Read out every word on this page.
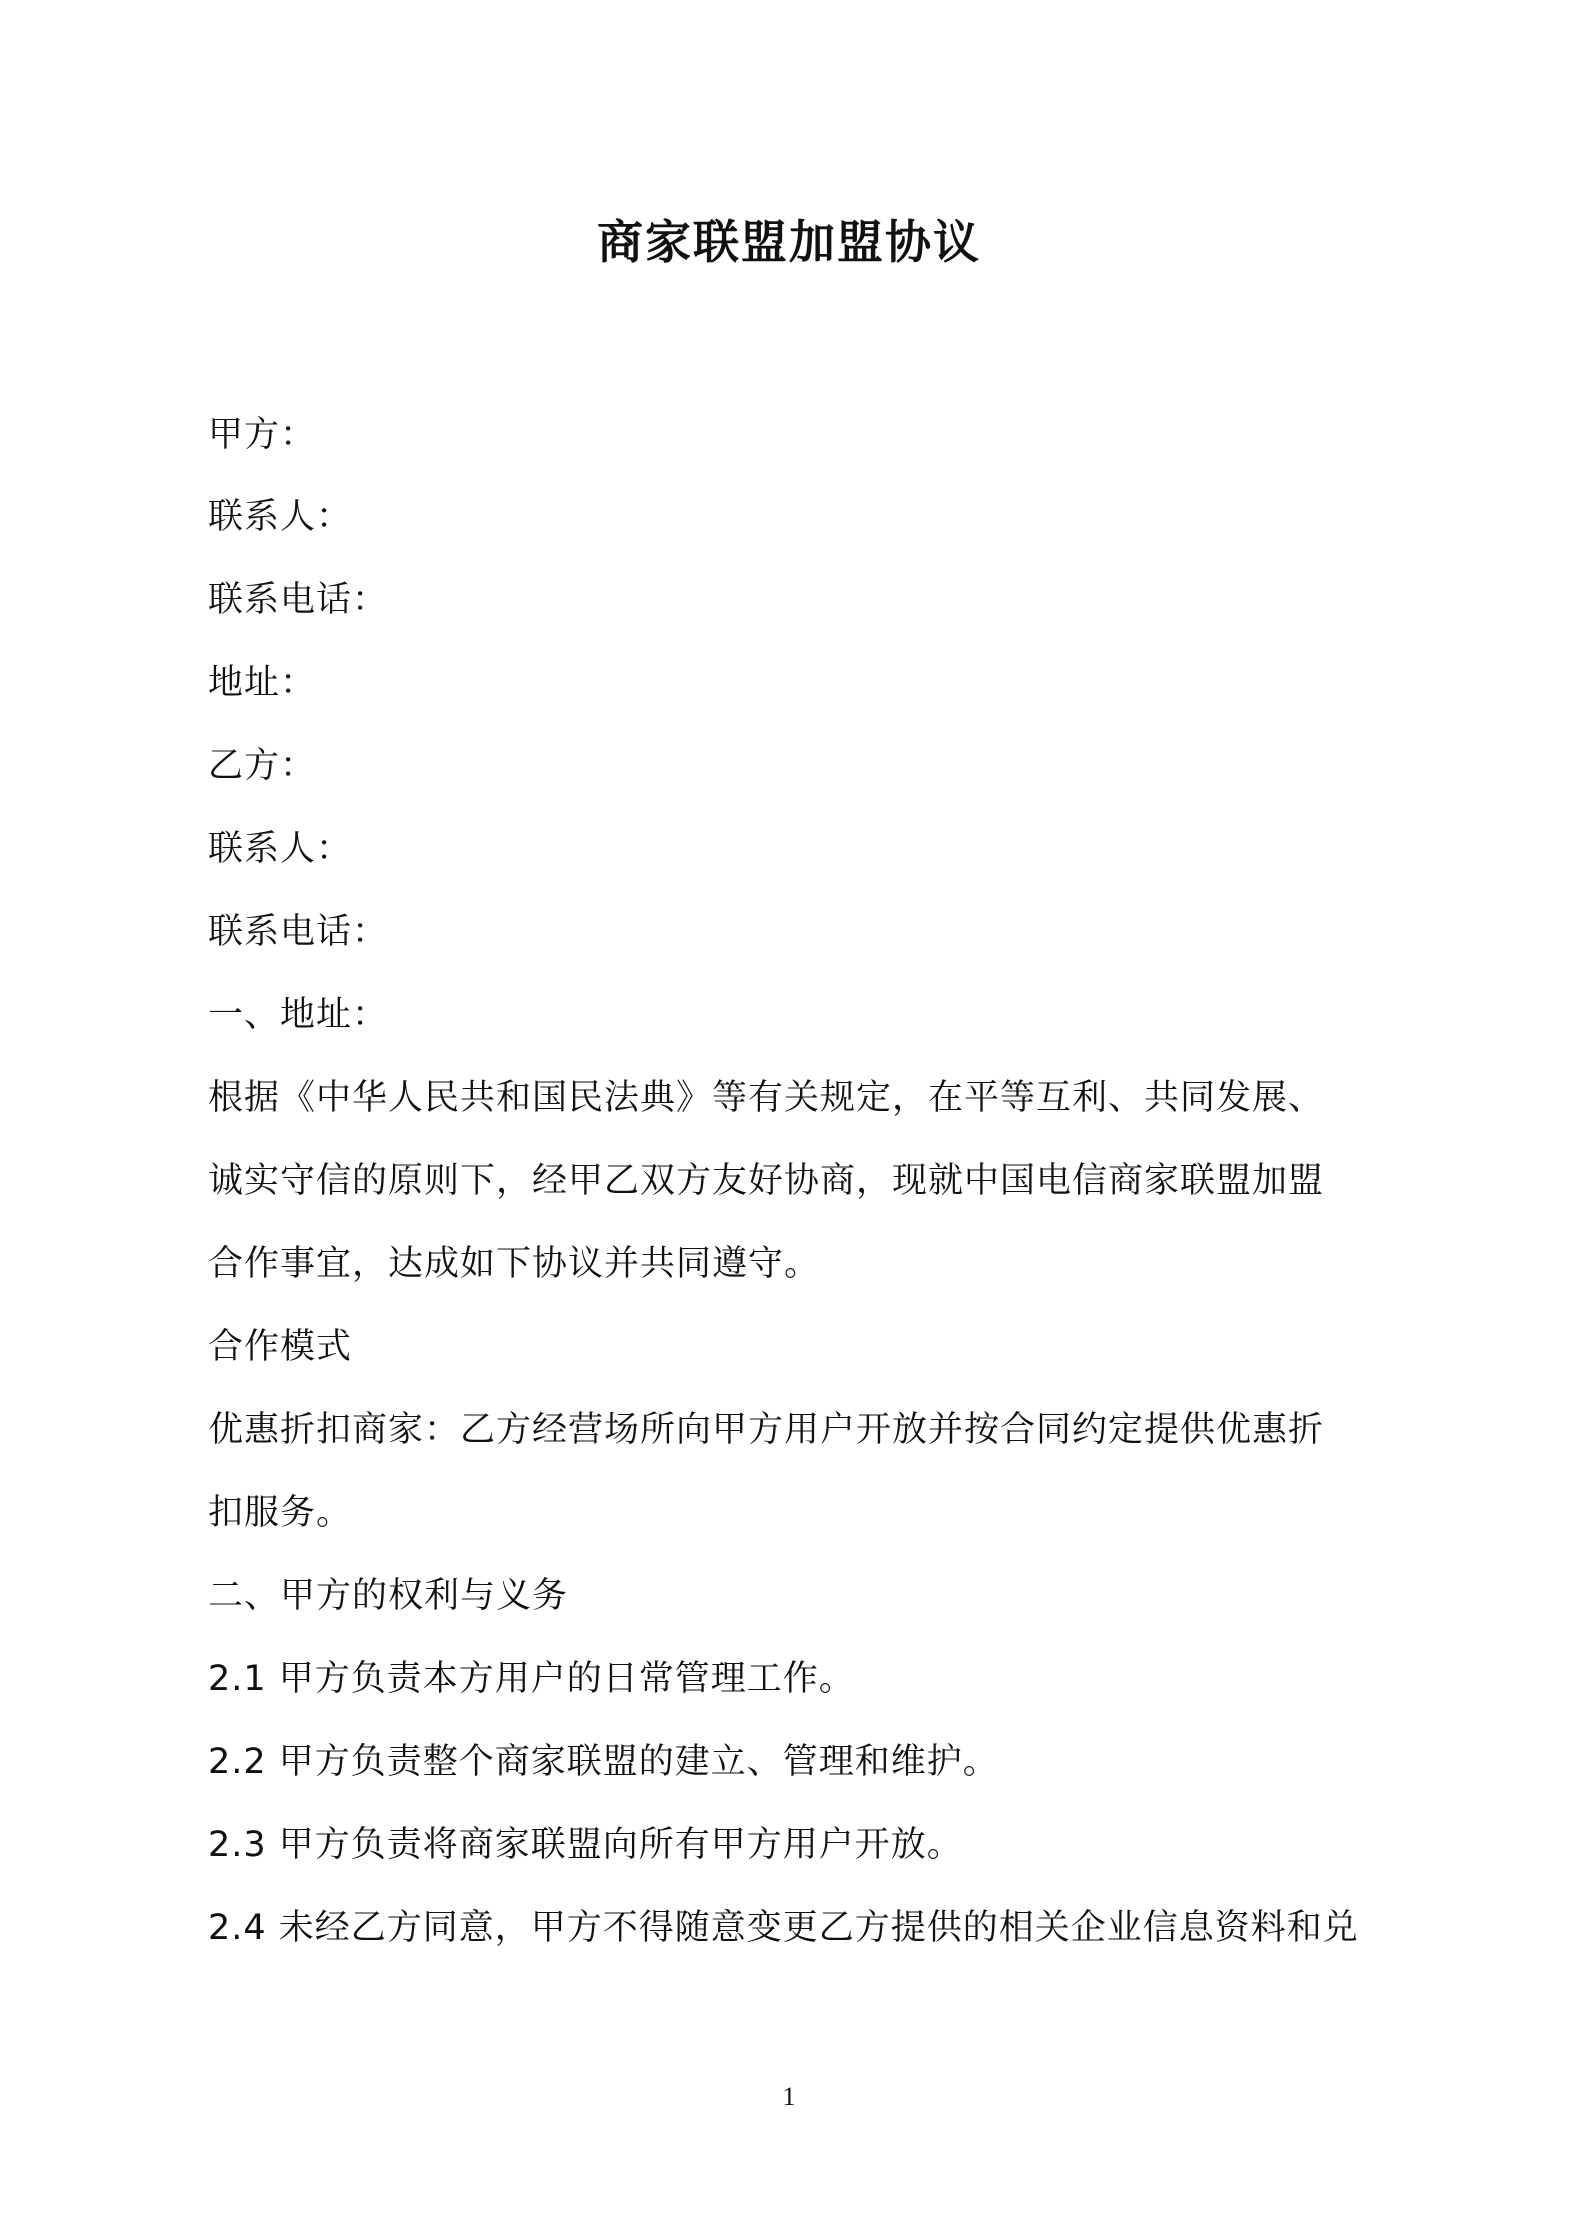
商家联盟加盟协议
甲方：
联系人：
联系电话：
地址：
乙方：
联系人：
联系电话：
一、地址：
根据《中华人民共和国民法典》等有关规定，在平等互利、共同发展、
诚实守信的原则下，经甲乙双方友好协商，现就中国电信商家联盟加盟
合作事宜，达成如下协议并共同遵守。
合作模式
优惠折扣商家：乙方经营场所向甲方用户开放并按合同约定提供优惠折
扣服务。
二、甲方的权利与义务
2.1 甲方负责本方用户的日常管理工作。
2.2 甲方负责整个商家联盟的建立、管理和维护。
2.3 甲方负责将商家联盟向所有甲方用户开放。
2.4 未经乙方同意，甲方不得随意变更乙方提供的相关企业信息资料和兑
1
